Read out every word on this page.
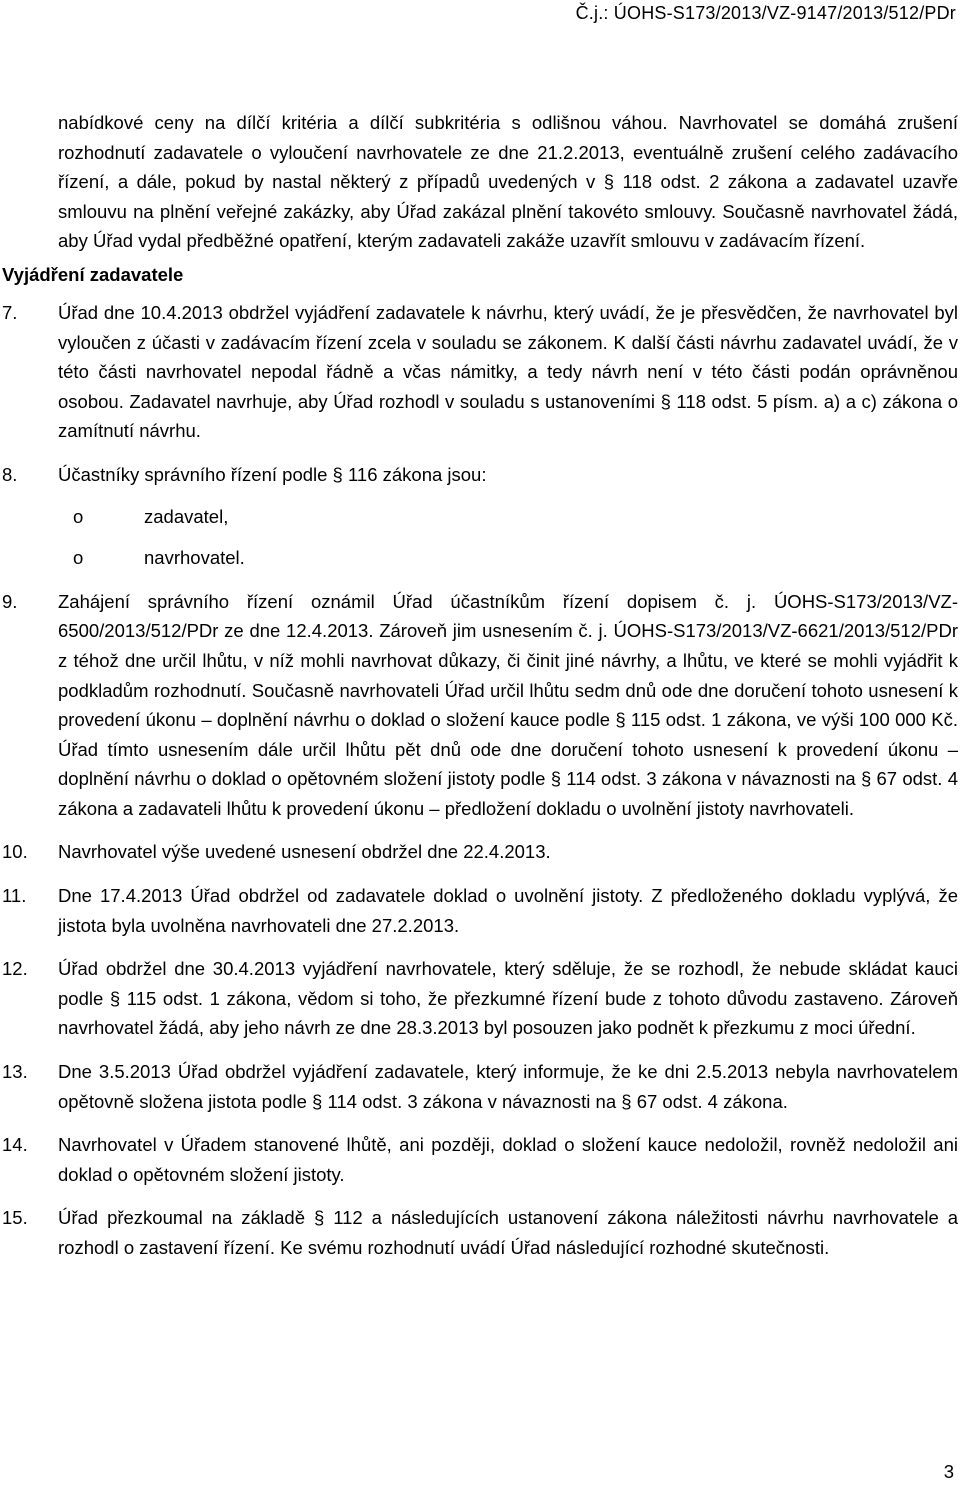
Č.j.: ÚOHS-S173/2013/VZ-9147/2013/512/PDr

nabídkové ceny na dílčí kritéria a dílčí subkritéria s odlišnou váhou. Navrhovatel se domáhá zrušení rozhodnutí zadavatele o vyloučení navrhovatele ze dne 21.2.2013, eventuálně zrušení celého zadávacího řízení, a dále, pokud by nastal některý z případů uvedených v § 118 odst. 2 zákona a zadavatel uzavře smlouvu na plnění veřejné zakázky, aby Úřad zakázal plnění takovéto smlouvy. Současně navrhovatel žádá, aby Úřad vydal předběžné opatření, kterým zadavateli zakáže uzavřít smlouvu v zadávacím řízení.

Vyjádření zadavatele
7. Úřad dne 10.4.2013 obdržel vyjádření zadavatele k návrhu, který uvádí, že je přesvědčen, že navrhovatel byl vyloučen z účasti v zadávacím řízení zcela v souladu se zákonem. K další části návrhu zadavatel uvádí, že v této části navrhovatel nepodal řádně a včas námitky, a tedy návrh není v této části podán oprávněnou osobou. Zadavatel navrhuje, aby Úřad rozhodl v souladu s ustanoveními § 118 odst. 5 písm. a) a c) zákona o zamítnutí návrhu.

8. Účastníky správního řízení podle § 116 zákona jsou:

o	zadavatel,
o	navrhovatel.
9. Zahájení správního řízení oznámil Úřad účastníkům řízení dopisem č. j. ÚOHS-S173/2013/VZ-6500/2013/512/PDr ze dne 12.4.2013. Zároveň jim usnesením č. j. ÚOHS-S173/2013/VZ-6621/2013/512/PDr z téhož dne určil lhůtu, v níž mohli navrhovat důkazy, či činit jiné návrhy, a lhůtu, ve které se mohli vyjádřit k podkladům rozhodnutí. Současně navrhovateli Úřad určil lhůtu sedm dnů ode dne doručení tohoto usnesení k provedení úkonu – doplnění návrhu o doklad o složení kauce podle § 115 odst. 1 zákona, ve výši 100 000 Kč. Úřad tímto usnesením dále určil lhůtu pět dnů ode dne doručení tohoto usnesení k provedení úkonu – doplnění návrhu o doklad o opětovném složení jistoty podle § 114 odst. 3 zákona v návaznosti na § 67 odst. 4 zákona a zadavateli lhůtu k provedení úkonu – předložení dokladu o uvolnění jistoty navrhovateli.

10. Navrhovatel výše uvedené usnesení obdržel dne 22.4.2013.

11. Dne 17.4.2013 Úřad obdržel od zadavatele doklad o uvolnění jistoty. Z předloženého dokladu vyplývá, že jistota byla uvolněna navrhovateli dne 27.2.2013.

12. Úřad obdržel dne 30.4.2013 vyjádření navrhovatele, který sděluje, že se rozhodl, že nebude skládat kauci podle § 115 odst. 1 zákona, vědom si toho, že přezkumné řízení bude z tohoto důvodu zastaveno. Zároveň navrhovatel žádá, aby jeho návrh ze dne 28.3.2013 byl posouzen jako podnět k přezkumu z moci úřední.

13. Dne 3.5.2013 Úřad obdržel vyjádření zadavatele, který informuje, že ke dni 2.5.2013 nebyla navrhovatelem opětovně složena jistota podle § 114 odst. 3 zákona v návaznosti na § 67 odst. 4 zákona.

14. Navrhovatel v Úřadem stanovené lhůtě, ani později, doklad o složení kauce nedoložil, rovněž nedoložil ani doklad o opětovném složení jistoty.

15. Úřad přezkoumal na základě § 112 a následujících ustanovení zákona náležitosti návrhu navrhovatele a rozhodl o zastavení řízení. Ke svému rozhodnutí uvádí Úřad následující rozhodné skutečnosti.

3
